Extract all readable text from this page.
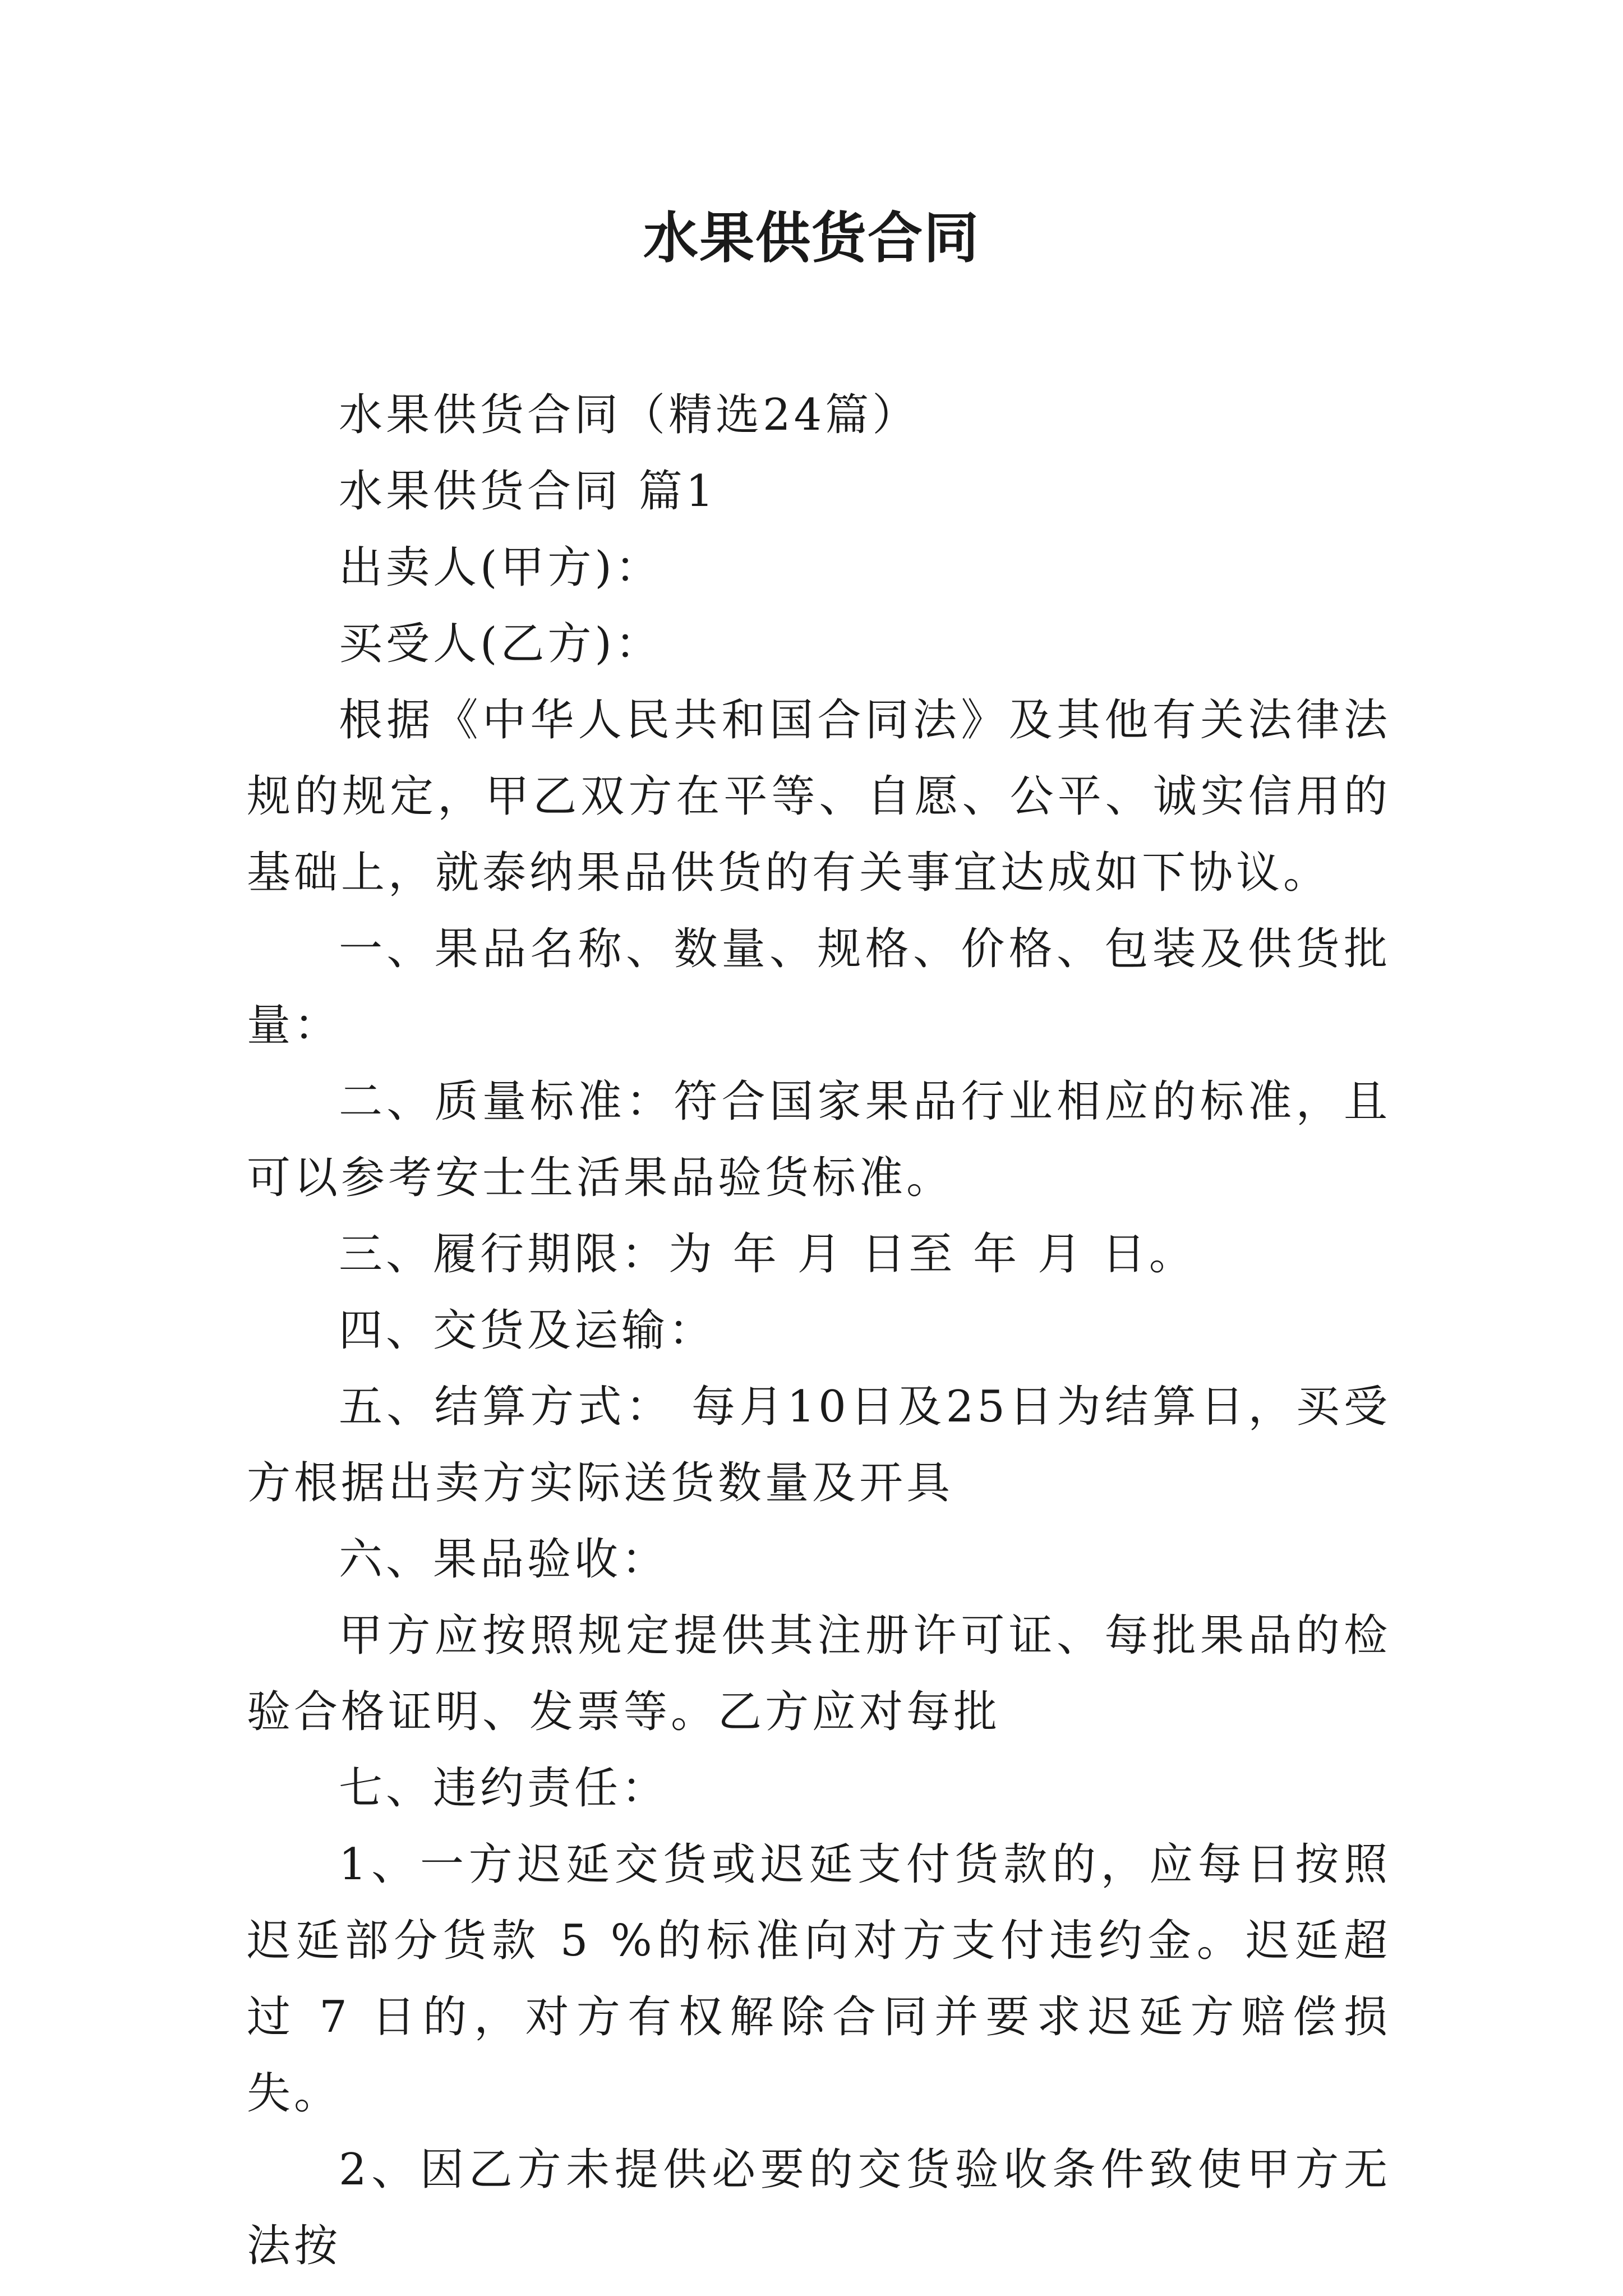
水果供货合同

水果供货合同（精选24篇）

水果供货合同 篇1

出卖人(甲方)：

买受人(乙方)：

根据《中华人民共和国合同法》及其他有关法律法规的规定，甲乙双方在平等、自愿、公平、诚实信用的基础上，就泰纳果品供货的有关事宜达成如下协议。

一、果品名称、数量、规格、价格、包装及供货批量：

二、质量标准：符合国家果品行业相应的标准，且可以参考安士生活果品验货标准。

三、履行期限：为 年 月 日至 年 月 日。

四、交货及运输：

五、结算方式： 每月10日及25日为结算日，买受方根据出卖方实际送货数量及开具

六、果品验收：

甲方应按照规定提供其注册许可证、每批果品的检验合格证明、发票等。乙方应对每批

七、违约责任：

1、一方迟延交货或迟延支付货款的，应每日按照迟延部分货款 5 %的标准向对方支付违约金。迟延超过 7 日的，对方有权解除合同并要求迟延方赔偿损失。

2、因乙方未提供必要的交货验收条件致使甲方无法按
